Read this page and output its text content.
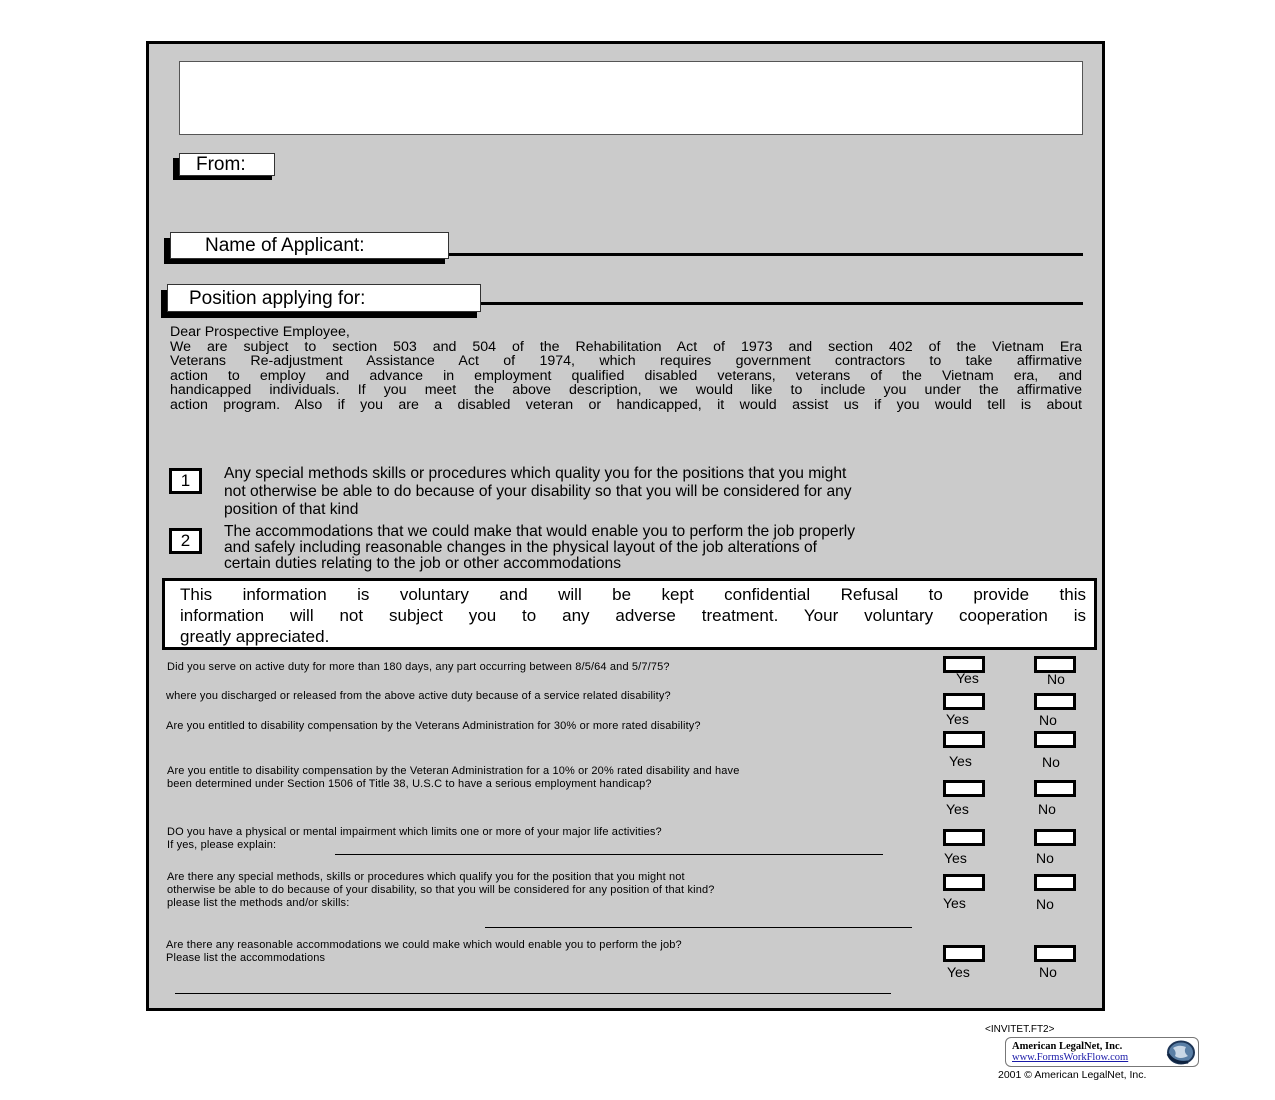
From:
Name of Applicant:
Position applying for:

Dear Prospective Employee,

We are subject to section 503 and 504 of the Rehabilitation Act of 1973 and section 402 of the Vietnam Era

Veterans Re-adjustment Assistance Act of 1974, which requires government contractors to take affirmative

action to employ and advance in employment qualified disabled veterans, veterans of the Vietnam era, and

handicapped individuals. If you meet the above description, we would like to include you under the affirmative

action program. Also if you are a disabled veteran or handicapped, it would assist us if you would tell is about

1 Any special methods skills or procedures which quality you for the positions that you might
not otherwise be able to do because of your disability so that you will be considered for any
position of that kind
2 The accommodations that we could make that would enable you to perform the job properly
and safely including reasonable changes in the physical layout of the job alterations of
certain duties relating to the job or other accommodations
This information is voluntary and will be kept confidential Refusal to provide this
information will not subject you to any adverse treatment. Your voluntary cooperation is
greatly appreciated.
Did you serve on active duty for more than 180 days, any part occurring between 8/5/64 and 5/7/75?
Yes	No
where you discharged or released from the above active duty because of a service related disability?
Yes	No
Are you entitled to disability compensation by the Veterans Administration for 30% or more rated disability?
Yes	No
Are you entitle to disability compensation by the Veteran Administration for a 10% or 20% rated disability and have
been determined under Section 1506 of Title 38, U.S.C to have a serious employment handicap?
Yes	No
DO you have a physical or mental impairment which limits one or more of your major life activities?
If yes, please explain:
Yes	No
Are there any special methods, skills or procedures which qualify you for the position that you might not
otherwise be able to do because of your disability, so that you will be considered for any position of that kind?
please list the methods and/or skills:	Yes	No
Are there any reasonable accommodations we could make which would enable you to perform the job?
Please list the accommodations
Yes	No
<INVITET.FT2>
American LegalNet, Inc.
www.FormsWorkFlow.com
2001 © American LegalNet, Inc.
